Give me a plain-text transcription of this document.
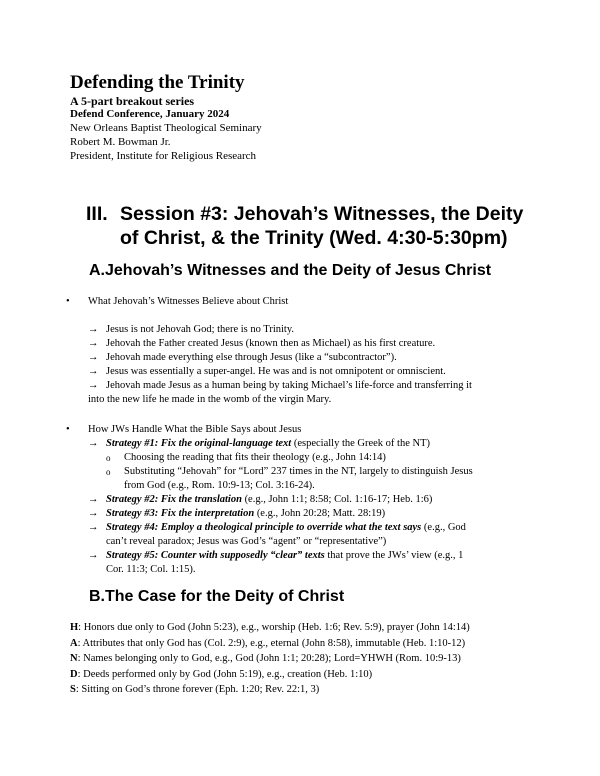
Defending the Trinity
A 5-part breakout series
Defend Conference, January 2024
New Orleans Baptist Theological Seminary
Robert M. Bowman Jr.
President, Institute for Religious Research
III. Session #3: Jehovah’s Witnesses, the Deity
of Christ, & the Trinity (Wed. 4:30-5:30pm)
A.Jehovah’s Witnesses and the Deity of Jesus Christ
• What Jehovah’s Witnesses Believe about Christ
→ Jesus is not Jehovah God; there is no Trinity.
→ Jehovah the Father created Jesus (known then as Michael) as his first creature.
→ Jehovah made everything else through Jesus (like a “subcontractor”).
→ Jesus was essentially a super-angel. He was and is not omnipotent or omniscient.
→ Jehovah made Jesus as a human being by taking Michael’s life-force and transferring it
into the new life he made in the womb of the virgin Mary.
• How JWs Handle What the Bible Says about Jesus
→ Strategy #1: Fix the original-language text (especially the Greek of the NT)
o Choosing the reading that fits their theology (e.g., John 14:14)
o Substituting “Jehovah” for “Lord” 237 times in the NT, largely to distinguish Jesus
from God (e.g., Rom. 10:9-13; Col. 3:16-24).
→ Strategy #2: Fix the translation (e.g., John 1:1; 8:58; Col. 1:16-17; Heb. 1:6)
→ Strategy #3: Fix the interpretation (e.g., John 20:28; Matt. 28:19)
→ Strategy #4: Employ a theological principle to override what the text says (e.g., God
can’t reveal paradox; Jesus was God’s “agent” or “representative”)
→ Strategy #5: Counter with supposedly “clear” texts that prove the JWs’ view (e.g., 1
Cor. 11:3; Col. 1:15).
B.The Case for the Deity of Christ
H: Honors due only to God (John 5:23), e.g., worship (Heb. 1:6; Rev. 5:9), prayer (John 14:14)
A: Attributes that only God has (Col. 2:9), e.g., eternal (John 8:58), immutable (Heb. 1:10-12)
N: Names belonging only to God, e.g., God (John 1:1; 20:28); Lord=YHWH (Rom. 10:9-13)
D: Deeds performed only by God (John 5:19), e.g., creation (Heb. 1:10)
S: Sitting on God’s throne forever (Eph. 1:20; Rev. 22:1, 3)
